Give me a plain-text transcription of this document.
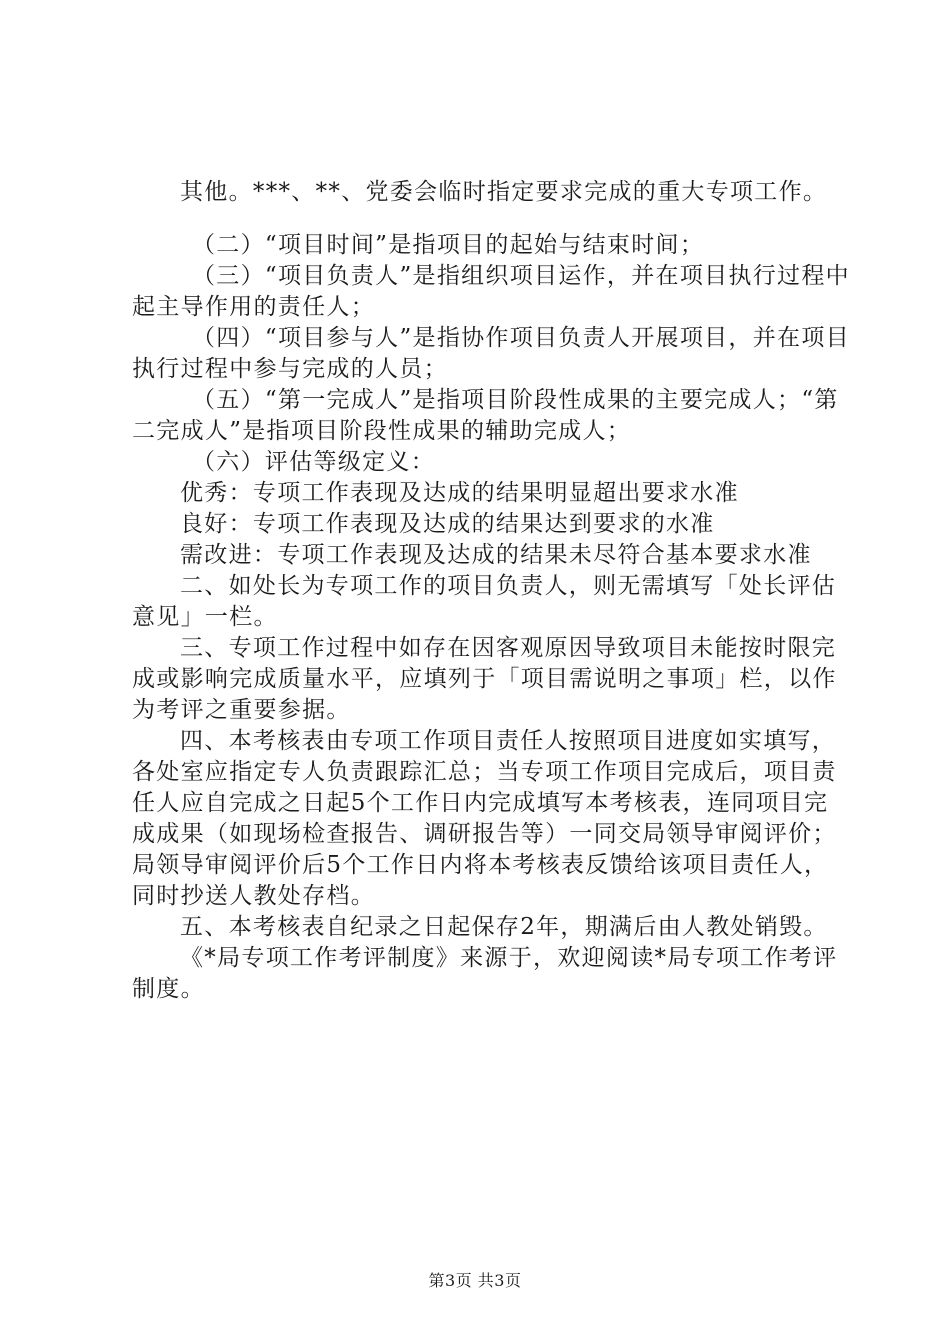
其他。***、**、党委会临时指定要求完成的重大专项工作。

（二）“项目时间”是指项目的起始与结束时间；

（三）“项目负责人”是指组织项目运作，并在项目执行过程中起主导作用的责任人；

（四）“项目参与人”是指协作项目负责人开展项目，并在项目执行过程中参与完成的人员；

（五）“第一完成人”是指项目阶段性成果的主要完成人；“第二完成人”是指项目阶段性成果的辅助完成人；

（六）评估等级定义：

优秀：专项工作表现及达成的结果明显超出要求水准

良好：专项工作表现及达成的结果达到要求的水准

需改进：专项工作表现及达成的结果未尽符合基本要求水准

二、如处长为专项工作的项目负责人，则无需填写「处长评估意见」一栏。

三、专项工作过程中如存在因客观原因导致项目未能按时限完成或影响完成质量水平，应填列于「项目需说明之事项」栏，以作为考评之重要参据。

四、本考核表由专项工作项目责任人按照项目进度如实填写，各处室应指定专人负责跟踪汇总；当专项工作项目完成后，项目责任人应自完成之日起5个工作日内完成填写本考核表，连同项目完成成果（如现场检查报告、调研报告等）一同交局领导审阅评价；局领导审阅评价后5个工作日内将本考核表反馈给该项目责任人，同时抄送人教处存档。

五、本考核表自纪录之日起保存2年，期满后由人教处销毁。

《*局专项工作考评制度》来源于，欢迎阅读*局专项工作考评制度。

第3页 共3页
